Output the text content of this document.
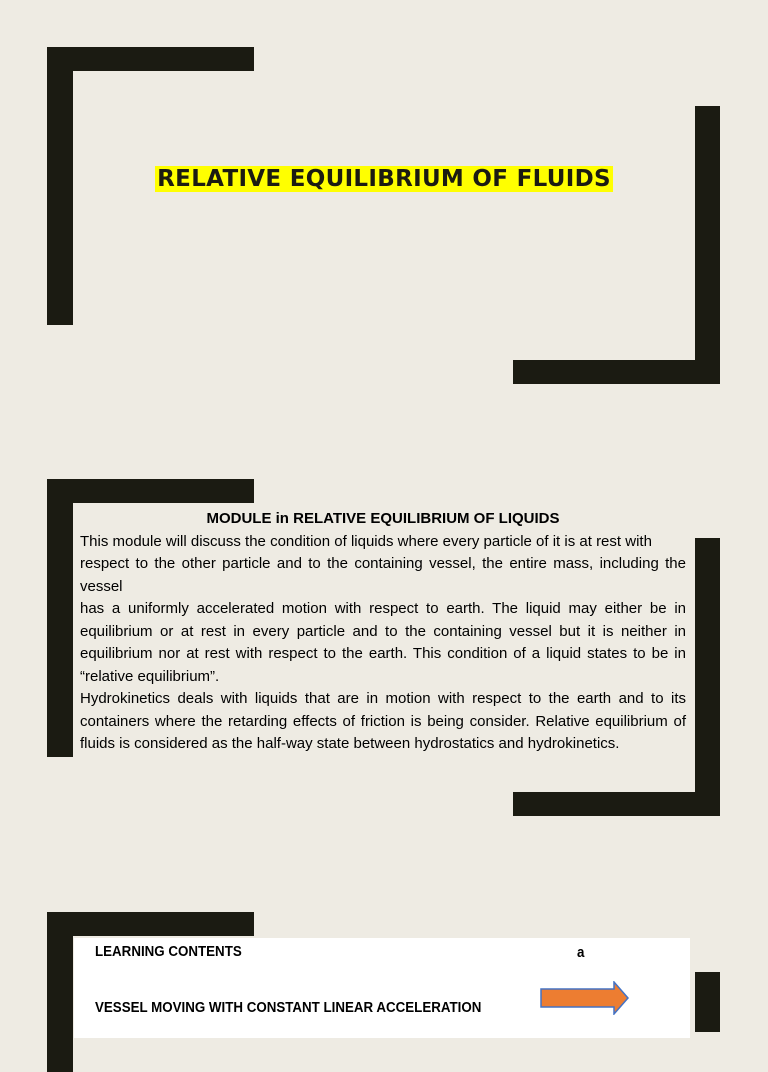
RELATIVE EQUILIBRIUM OF FLUIDS
MODULE in RELATIVE EQUILIBRIUM OF LIQUIDS

This module will discuss the condition of liquids where every particle of it is at rest with

respect to the other particle and to the containing vessel, the entire mass, including the vessel

has a uniformly accelerated motion with respect to earth. The liquid may either be in equilibrium or at rest in every particle and to the containing vessel but it is neither in equilibrium nor at rest with respect to the earth. This condition of a liquid states to be in “relative equilibrium”.

Hydrokinetics deals with liquids that are in motion with respect to the earth and to its containers where the retarding effects of friction is being consider. Relative equilibrium of fluids is considered as the half-way state between hydrostatics and hydrokinetics.

LEARNING CONTENTS	a
VESSEL MOVING WITH CONSTANT LINEAR ACCELERATION
